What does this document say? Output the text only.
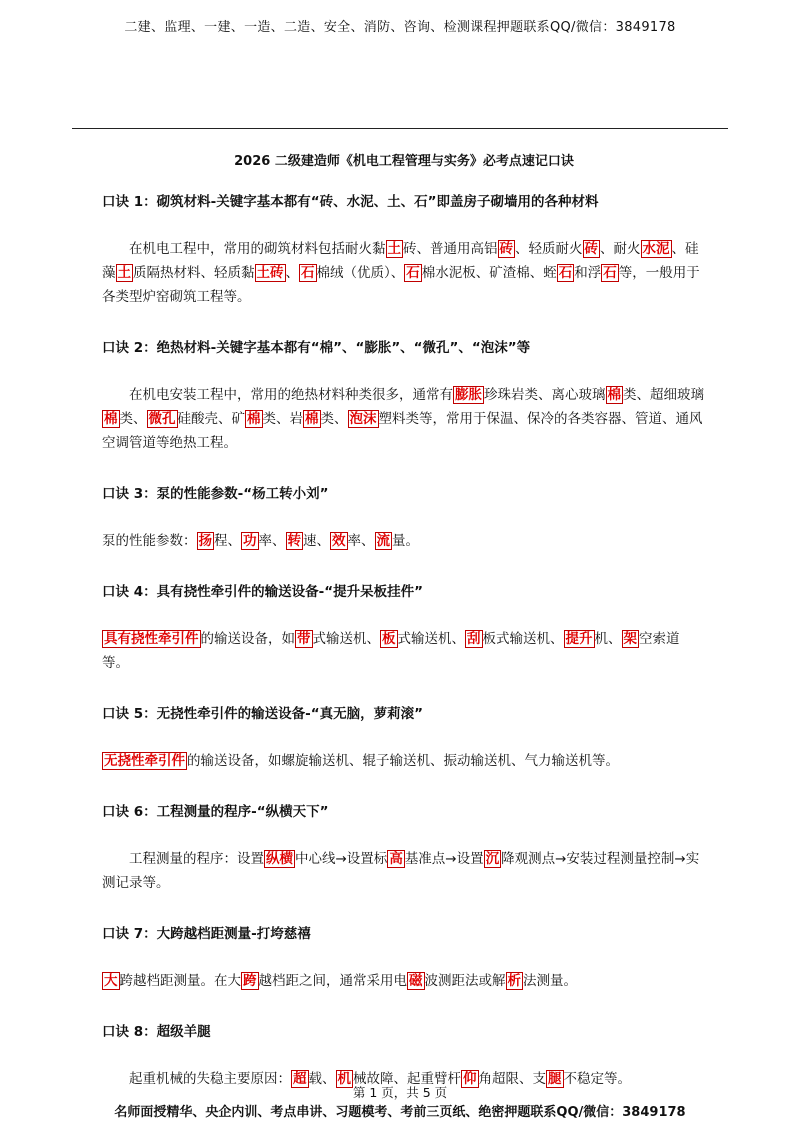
二建、监理、一建、一造、二造、安全、消防、咨询、检测课程押题联系QQ/微信：3849178
2026 二级建造师《机电工程管理与实务》必考点速记口诀
口诀 1：砌筑材料-关键字基本都有“砖、水泥、土、石”即盖房子砌墙用的各种材料
在机电工程中，常用的砌筑材料包括耐火黏 土 砖、普通用高铝 砖 、轻质耐火 砖 、耐火 水泥 、硅藻 土 质隔热材料、轻质黏 土砖 、 石 棉绒（优质）、 石 棉水泥板、矿渣棉、蛭 石 和浮 石 等，一般用于各类型炉窑砌筑工程等。
口诀 2：绝热材料-关键字基本都有“棉”、“膨胀”、“微孔”、“泡沫”等
在机电安装工程中，常用的绝热材料种类很多，通常有 膨胀 珍珠岩类、离心玻璃 棉 类、超细玻璃棉 类、 微孔 硅酸壳、矿 棉 类、岩 棉 类、 泡沫 塑料类等，常用于保温、保冷的各类容器、管道、通风空调管道等绝热工程。
口诀 3：泵的性能参数-“杨工转小刘”
泵的性能参数： 扬 程、 功 率、 转 速、 效 率、 流 量。
口诀 4：具有挠性牵引件的输送设备-“提升呆板挂件”
具有挠性牵引件 的输送设备，如 带 式输送机、 板 式输送机、 刮 板式输送机、 提升 机、 架 空索道等。
口诀 5：无挠性牵引件的输送设备-“真无脑，萝莉滚”
无挠性牵引件 的输送设备，如螺旋输送机、辊子输送机、振动输送机、气力输送机等。
口诀 6：工程测量的程序-“纵横天下”
工程测量的程序：设置 纵横 中心线→设置标 高 基准点→设置 沉 降观测点→安装过程测量控制→实测记录等。
口诀 7：大跨越档距测量-打垮慈禧
大 跨越档距测量。在大 跨 越档距之间，通常采用电 磁 波测距法或解 析 法测量。
口诀 8：超级羊腿
起重机械的失稳主要原因： 超 载、 机 械故障、起重臂杆 仰 角超限、支 腿 不稳定等。
第 1 页，共 5 页
名师面授精华、央企内训、考点串讲、习题模考、考前三页纸、绝密押题联系QQ/微信：3849178
